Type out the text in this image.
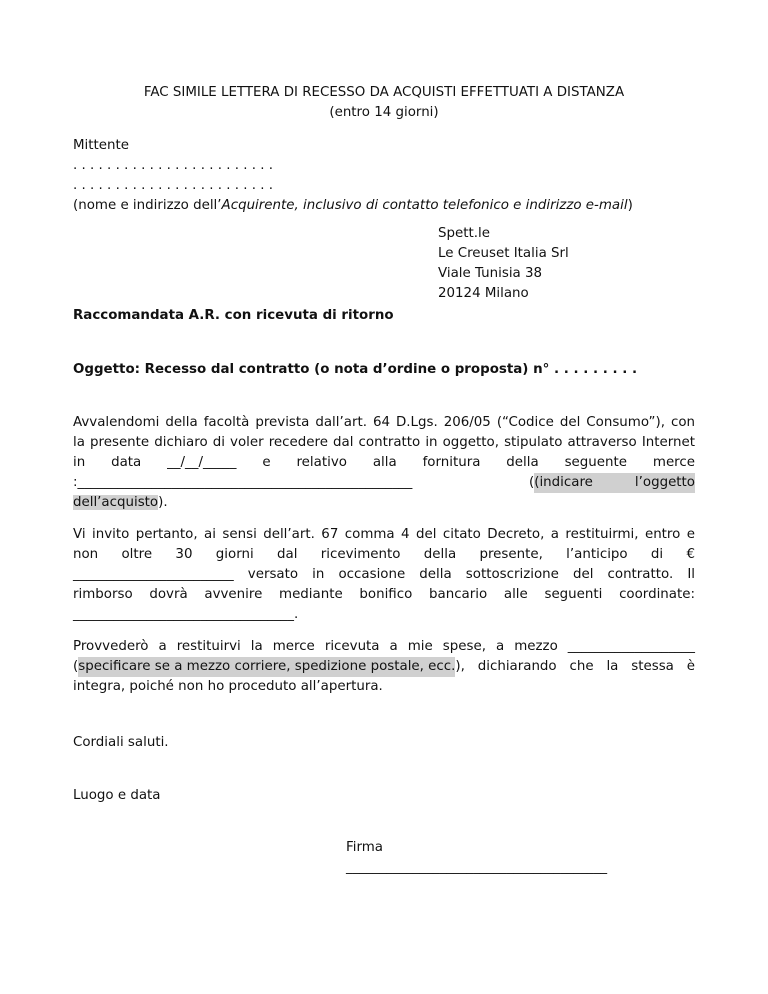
FAC SIMILE LETTERA DI RECESSO DA ACQUISTI EFFETTUATI A DISTANZA
(entro 14 giorni)
Mittente
. . . . . . . . . . . . . . . . . . . . . . . .
. . . . . . . . . . . . . . . . . . . . . . . .
(nome e indirizzo dell’Acquirente, inclusivo di contatto telefonico e indirizzo e-mail)
Spett.le
Le Creuset Italia Srl
Viale Tunisia 38
20124 Milano
Raccomandata A.R. con ricevuta di ritorno
Oggetto: Recesso dal contratto (o nota d’ordine o proposta) n° . . . . . . . . .
Avvalendomi della facoltà prevista dall’art. 64 D.Lgs. 206/05 (“Codice del Consumo”), con
la presente dichiaro di voler recedere dal contratto in oggetto, stipulato attraverso Internet
in data __/__/_____ e relativo alla fornitura della seguente merce
:__________________________________________________	( (indicare l’oggetto
dell’acquisto).
Vi invito pertanto, ai sensi dell’art. 67 comma 4 del citato Decreto, a restituirmi, entro e
non oltre 30 giorni dal ricevimento della presente, l’anticipo di €
________________________ versato in occasione della sottoscrizione del contratto. Il
rimborso dovrà avvenire mediante bonifico bancario alle seguenti coordinate:
_________________________________.
Provvederò a restituirvi la merce ricevuta a mie spese, a mezzo ___________________
( specificare se a mezzo corriere, spedizione postale, ecc. ), dichiarando che la stessa è
integra, poiché non ho proceduto all’apertura.
Cordiali saluti.
Luogo e data
Firma
_______________________________________
